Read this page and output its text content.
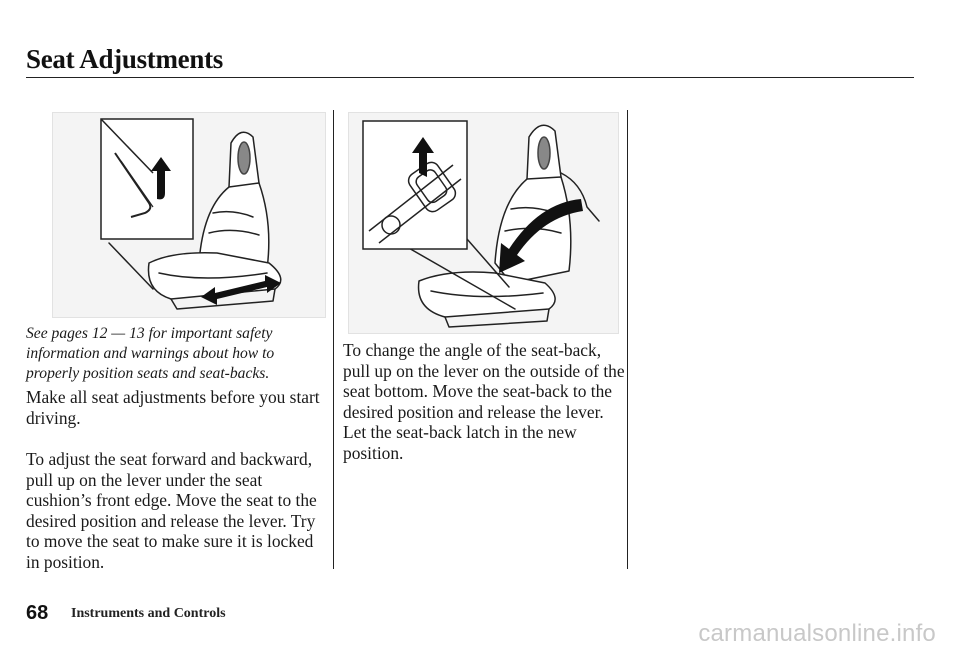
Seat Adjustments

See pages 12 — 13 for important safety information and warnings about how to properly position seats and seat-backs.

Make all seat adjustments before you start driving.

To adjust the seat forward and backward, pull up on the lever under the seat cushion’s front edge. Move the seat to the desired position and release the lever. Try to move the seat to make sure it is locked in position.

To change the angle of the seat-back, pull up on the lever on the outside of the seat bottom. Move the seat-back to the desired position and release the lever. Let the seat-back latch in the new position.

68 Instruments and Controls
carmanualsonline.info
